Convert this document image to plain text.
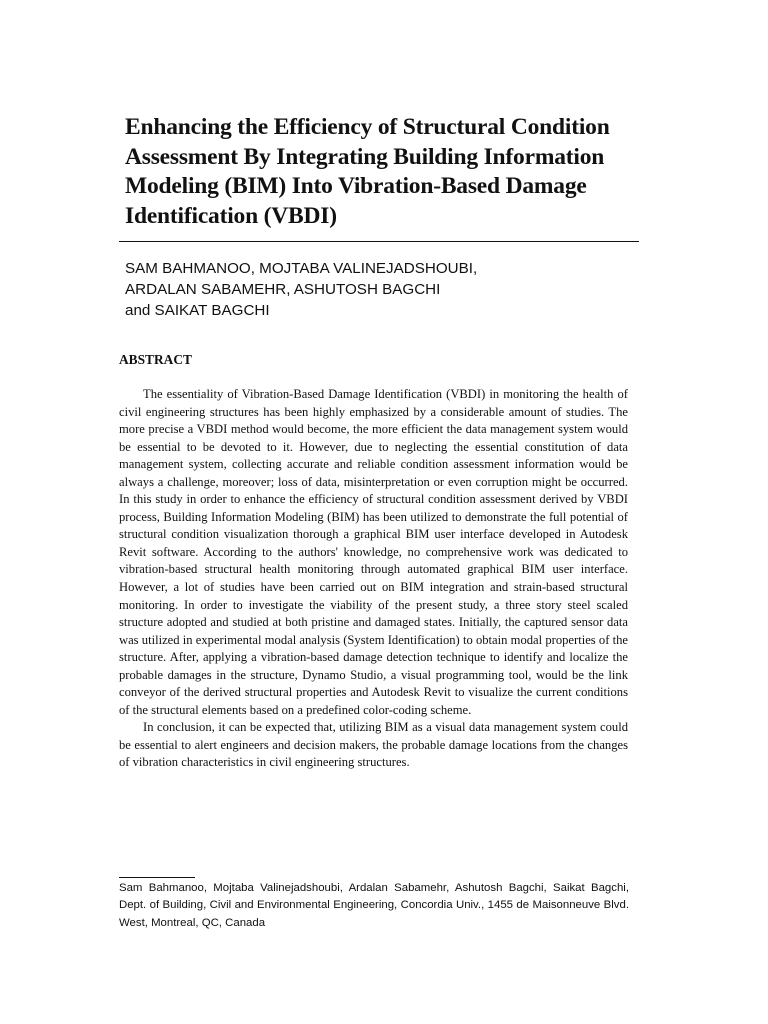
Enhancing the Efficiency of Structural Condition Assessment By Integrating Building Information Modeling (BIM) Into Vibration-Based Damage Identification (VBDI)
SAM BAHMANOO, MOJTABA VALINEJADSHOUBI,
ARDALAN SABAMEHR, ASHUTOSH BAGCHI
and SAIKAT BAGCHI
ABSTRACT

The essentiality of Vibration-Based Damage Identification (VBDI) in monitoring the health of civil engineering structures has been highly emphasized by a considerable amount of studies. The more precise a VBDI method would become, the more efficient the data management system would be essential to be devoted to it. However, due to neglecting the essential constitution of data management system, collecting accurate and reliable condition assessment information would be always a challenge, moreover; loss of data, misinterpretation or even corruption might be occurred. In this study in order to enhance the efficiency of structural condition assessment derived by VBDI process, Building Information Modeling (BIM) has been utilized to demonstrate the full potential of structural condition visualization thorough a graphical BIM user interface developed in Autodesk Revit software. According to the authors' knowledge, no comprehensive work was dedicated to vibration-based structural health monitoring through automated graphical BIM user interface. However, a lot of studies have been carried out on BIM integration and strain-based structural monitoring. In order to investigate the viability of the present study, a three story steel scaled structure adopted and studied at both pristine and damaged states. Initially, the captured sensor data was utilized in experimental modal analysis (System Identification) to obtain modal properties of the structure. After, applying a vibration-based damage detection technique to identify and localize the probable damages in the structure, Dynamo Studio, a visual programming tool, would be the link conveyor of the derived structural properties and Autodesk Revit to visualize the current conditions of the structural elements based on a predefined color-coding scheme.

In conclusion, it can be expected that, utilizing BIM as a visual data management system could be essential to alert engineers and decision makers, the probable damage locations from the changes of vibration characteristics in civil engineering structures.

Sam Bahmanoo, Mojtaba Valinejadshoubi, Ardalan Sabamehr, Ashutosh Bagchi, Saikat Bagchi, Dept. of Building, Civil and Environmental Engineering, Concordia Univ., 1455 de Maisonneuve Blvd. West, Montreal, QC, Canada
